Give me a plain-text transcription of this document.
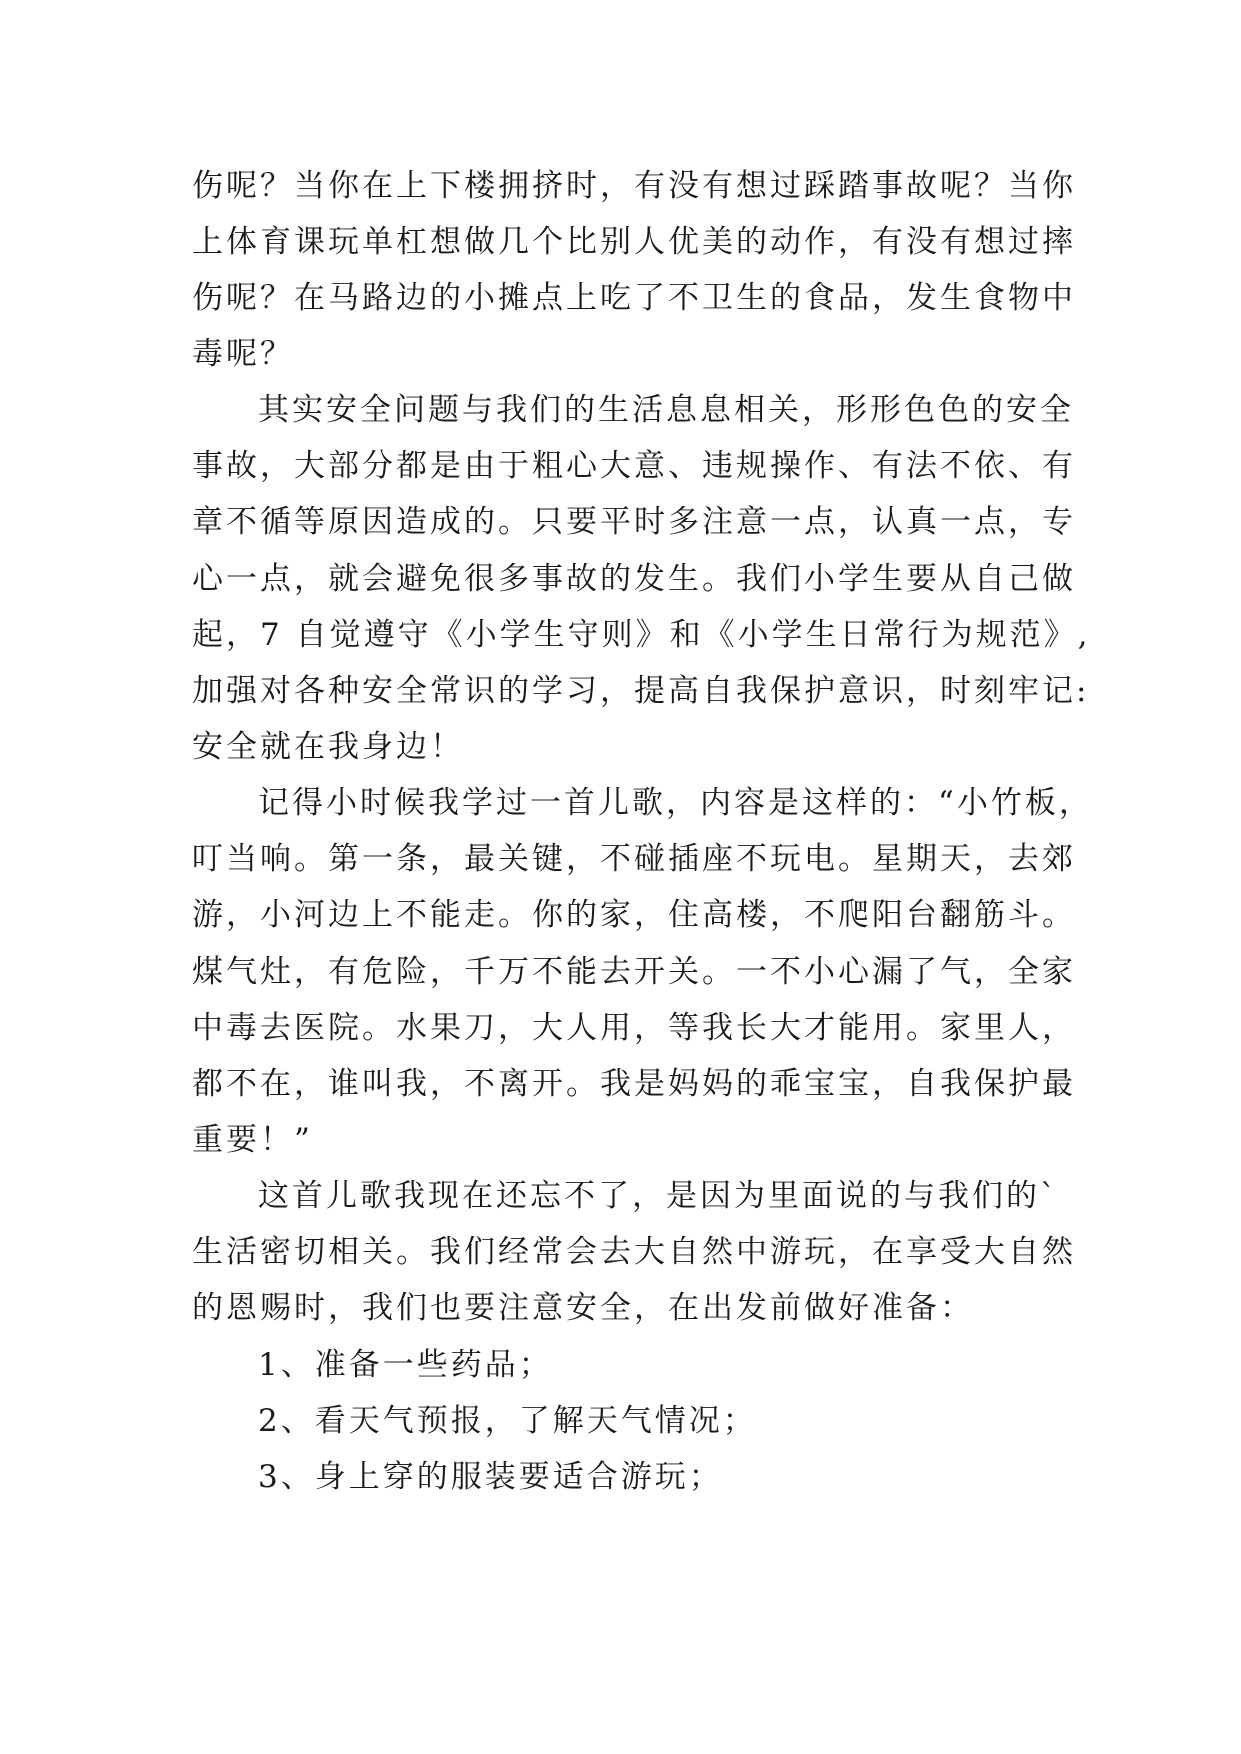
伤呢？当你在上下楼拥挤时，有没有想过踩踏事故呢？当你
上体育课玩单杠想做几个比别人优美的动作，有没有想过摔
伤呢？在马路边的小摊点上吃了不卫生的食品，发生食物中
毒呢？
其实安全问题与我们的生活息息相关，形形色色的安全
事故，大部分都是由于粗心大意、违规操作、有法不依、有
章不循等原因造成的。只要平时多注意一点，认真一点，专
心一点，就会避免很多事故的发生。我们小学生要从自己做
起，7 自觉遵守《小学生守则》和《小学生日常行为规范》,
加强对各种安全常识的学习，提高自我保护意识，时刻牢记:
安全就在我身边！
记得小时候我学过一首儿歌，内容是这样的：“小竹板，
叮当响。第一条，最关键，不碰插座不玩电。星期天，去郊
游，小河边上不能走。你的家，住高楼，不爬阳台翻筋斗。
煤气灶，有危险，千万不能去开关。一不小心漏了气，全家
中毒去医院。水果刀，大人用，等我长大才能用。家里人，
都不在，谁叫我，不离开。我是妈妈的乖宝宝，自我保护最
重要！”
这首儿歌我现在还忘不了，是因为里面说的与我们的`
生活密切相关。我们经常会去大自然中游玩，在享受大自然
的恩赐时，我们也要注意安全，在出发前做好准备：
1、准备一些药品；
2、看天气预报，了解天气情况；
3、身上穿的服装要适合游玩；
